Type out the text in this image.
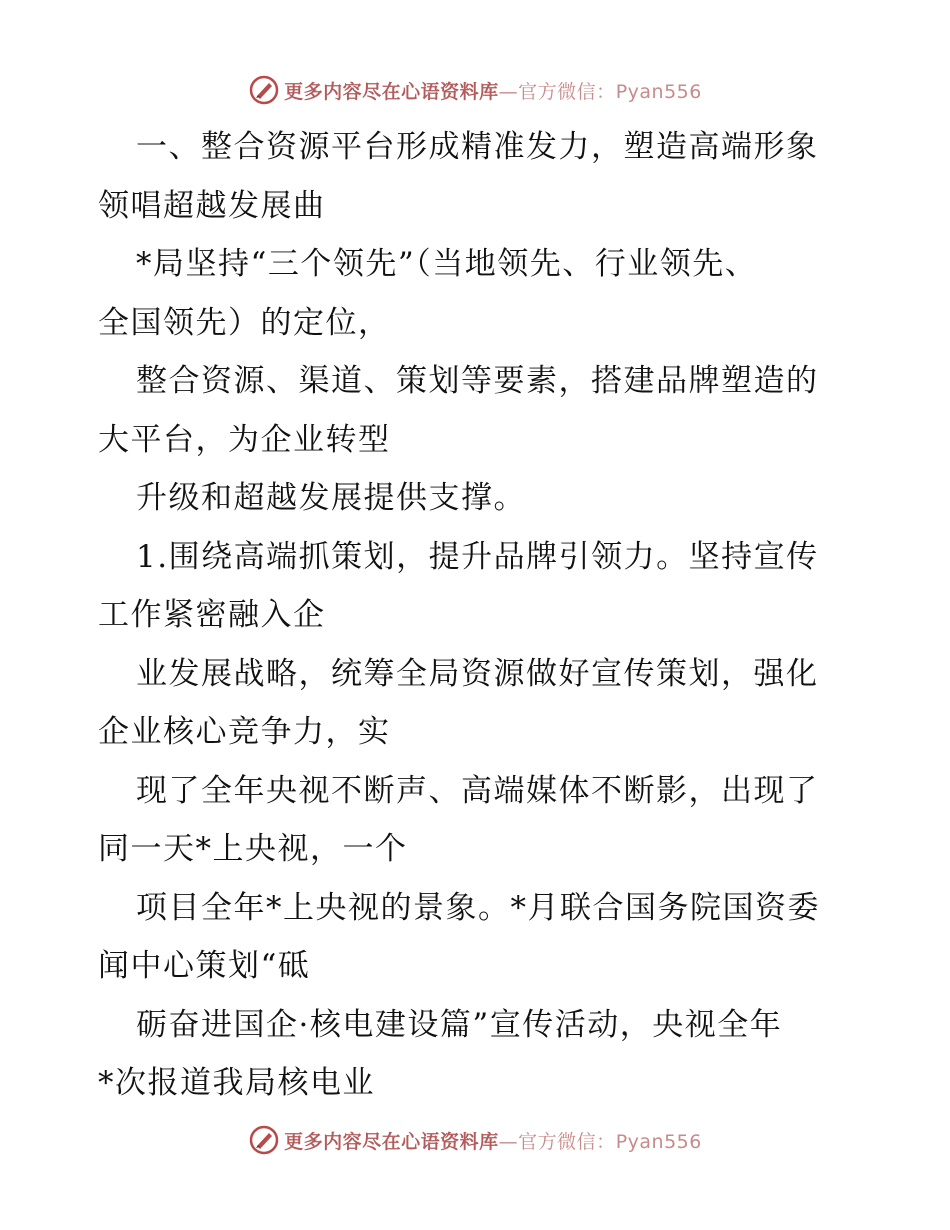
更多内容尽在心语资料库—官方微信：Pyan556
一、整合资源平台形成精准发力，塑造高端形象
领唱超越发展曲
*局坚持“三个领先”（当地领先、行业领先、
全国领先）的定位，
整合资源、渠道、策划等要素，搭建品牌塑造的
大平台，为企业转型
升级和超越发展提供支撑。
1.围绕高端抓策划，提升品牌引领力。坚持宣传
工作紧密融入企
业发展战略，统筹全局资源做好宣传策划，强化
企业核心竞争力，实
现了全年央视不断声、高端媒体不断影，出现了
同一天*上央视，一个
项目全年*上央视的景象。*月联合国务院国资委
闻中心策划“砥
砺奋进国企·核电建设篇”宣传活动，央视全年
*次报道我局核电业
更多内容尽在心语资料库—官方微信：Pyan556
